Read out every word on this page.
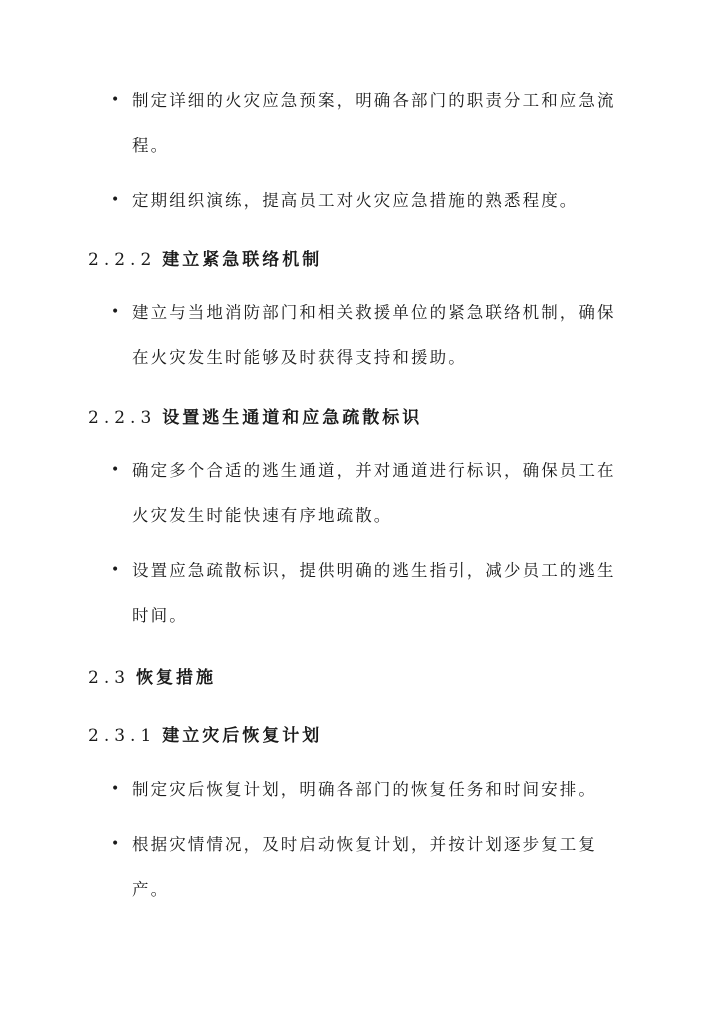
• 制定详细的火灾应急预案，明确各部门的职责分工和应急流程。
• 定期组织演练，提高员工对火灾应急措施的熟悉程度。
2.2.2 建立紧急联络机制
• 建立与当地消防部门和相关救援单位的紧急联络机制，确保在火灾发生时能够及时获得支持和援助。
2.2.3 设置逃生通道和应急疏散标识
• 确定多个合适的逃生通道，并对通道进行标识，确保员工在火灾发生时能快速有序地疏散。
• 设置应急疏散标识，提供明确的逃生指引，减少员工的逃生时间。
2.3 恢复措施
2.3.1 建立灾后恢复计划
• 制定灾后恢复计划，明确各部门的恢复任务和时间安排。
• 根据灾情情况，及时启动恢复计划，并按计划逐步复工复产。
